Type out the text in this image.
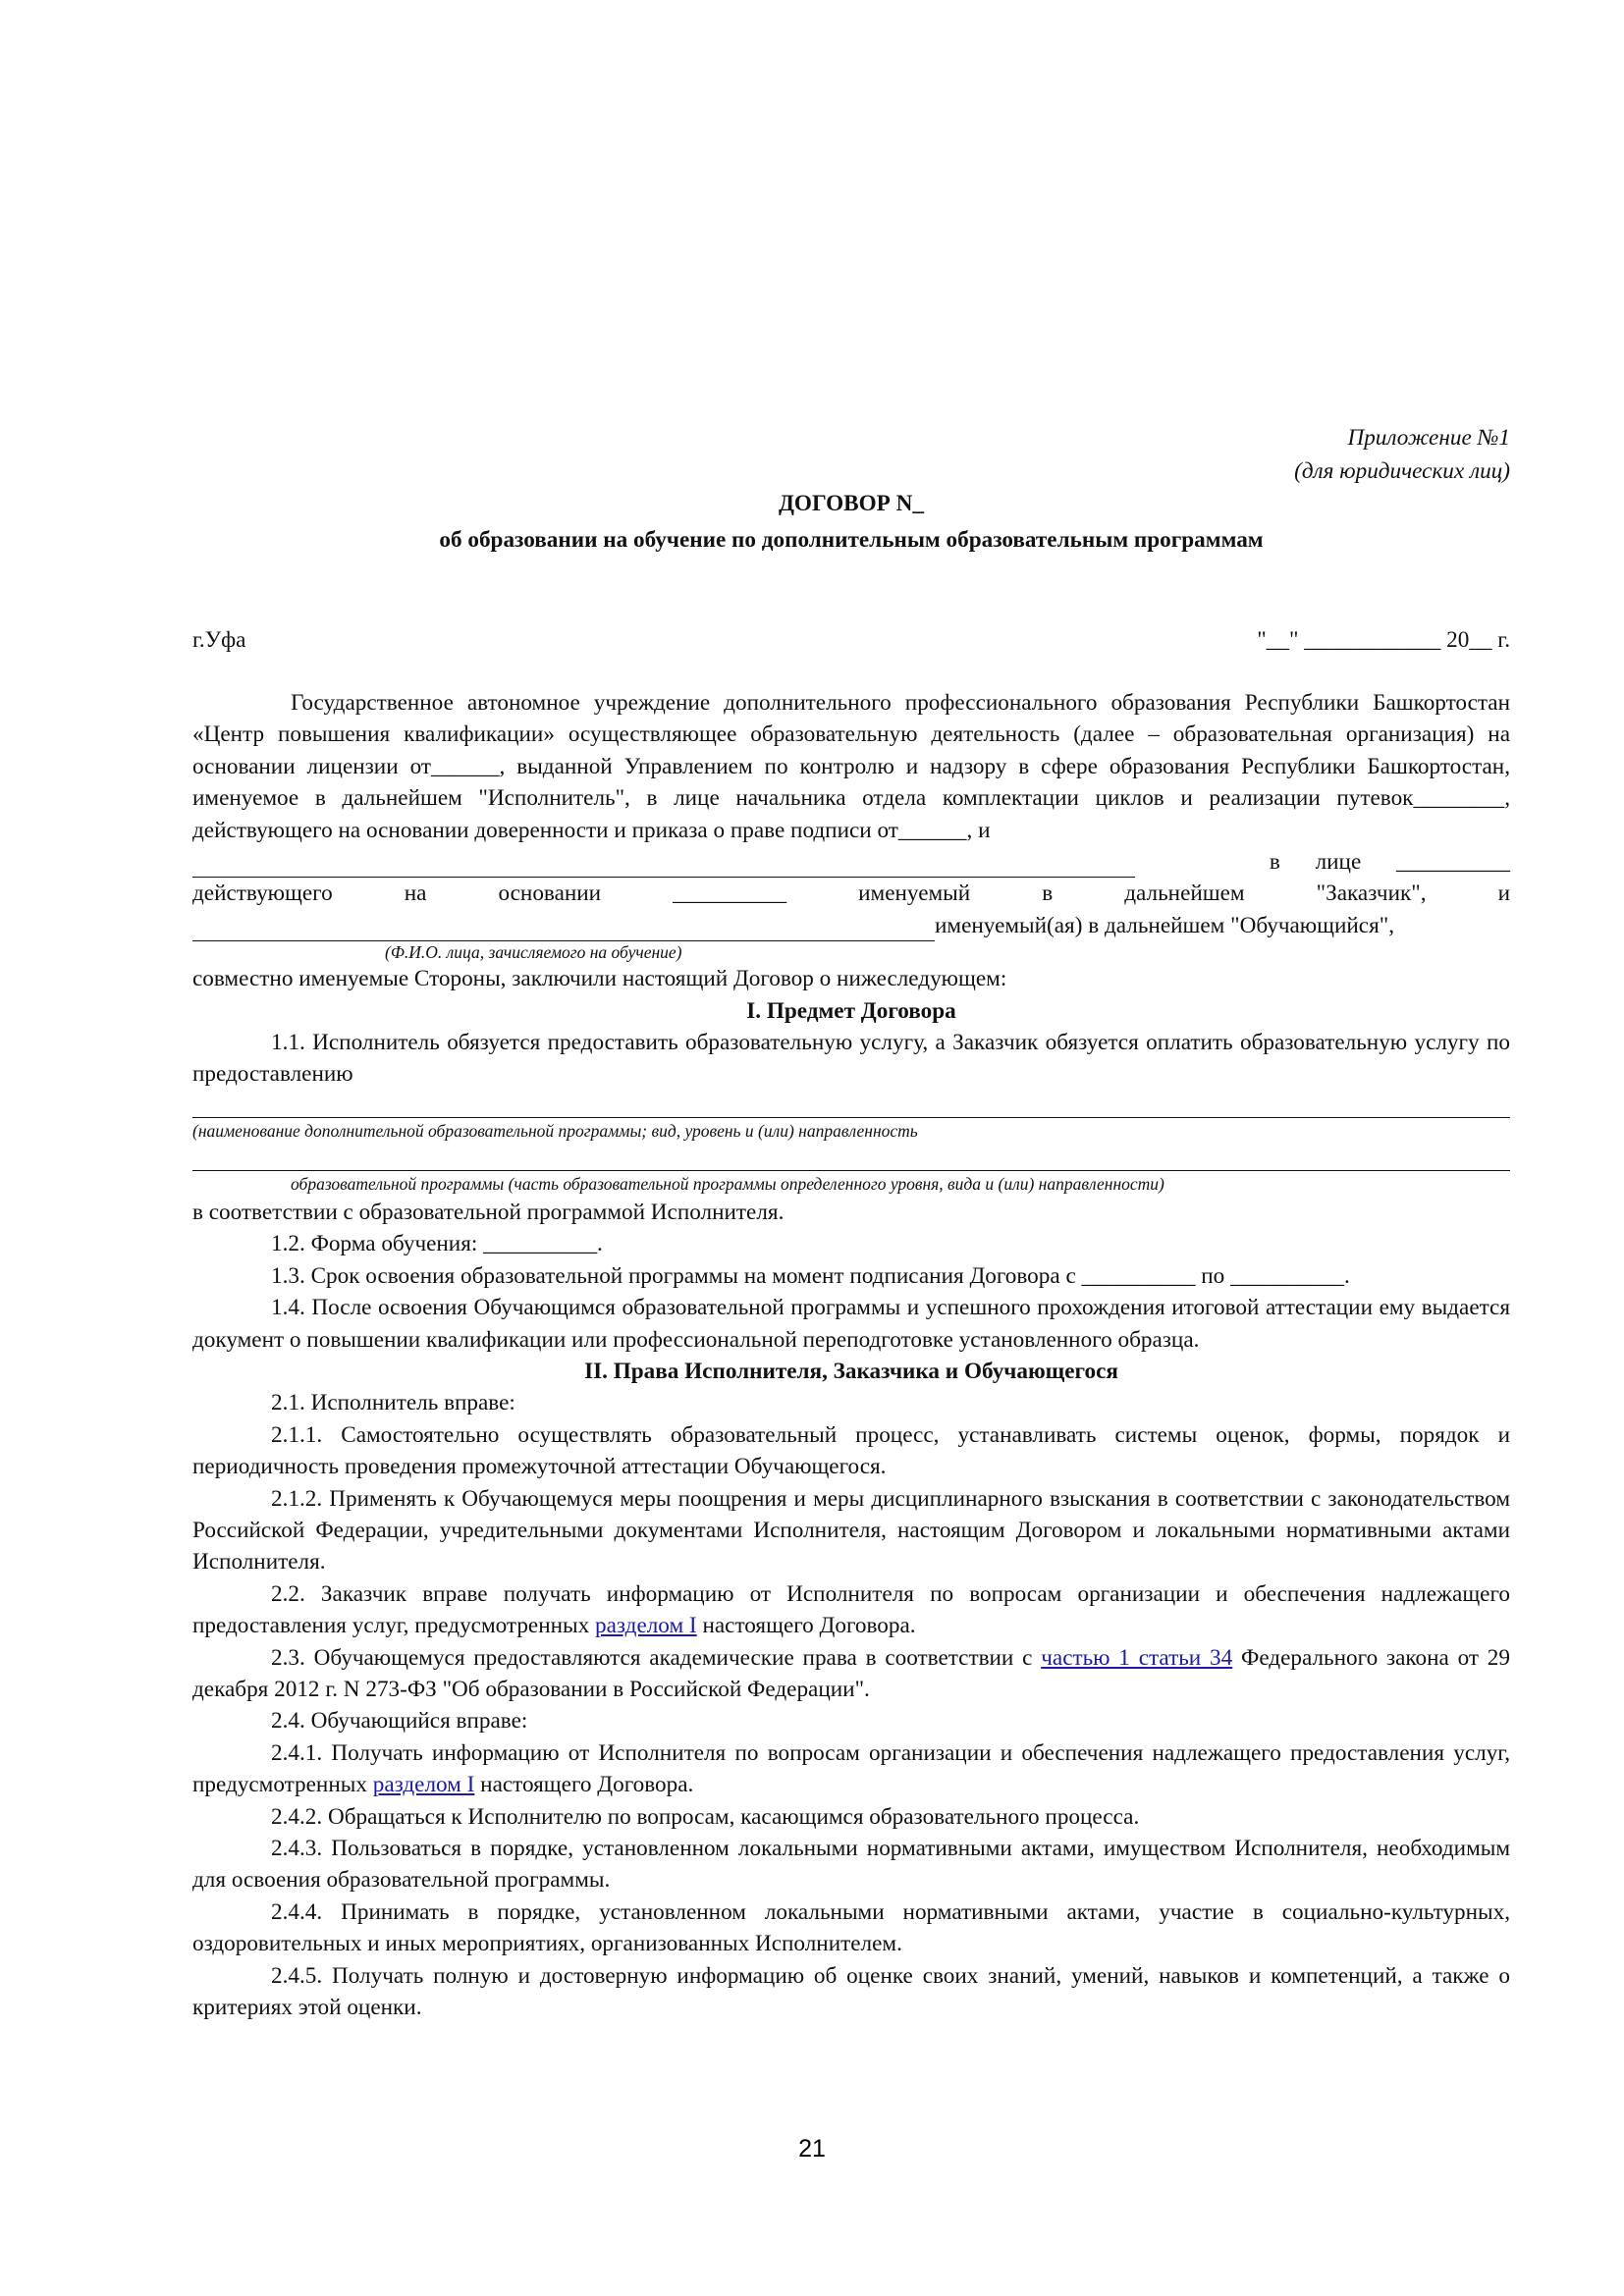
Приложение №1
(для юридических лиц)
ДОГОВОР N_
об образовании на обучение по дополнительным образовательным программам
г.Уфа	"__" ____________ 20__ г.

Государственное автономное учреждение дополнительного профессионального образования Республики Башкортостан «Центр повышения квалификации» осуществляющее образовательную деятельность (далее – образовательная организация) на основании лицензии от______, выданной Управлением по контролю и надзору в сфере образования Республики Башкортостан, именуемое в дальнейшем "Исполнитель", в лице начальника отдела комплектации циклов и реализации путевок________, действующего на основании доверенности и приказа о праве подписи от______, и

в лице __________
действующего	на	основании	__________	именуемый	в	дальнейшем	"Заказчик",	и
именуемый(ая) в дальнейшем "Обучающийся",
(Ф.И.О. лица, зачисляемого на обучение)

совместно именуемые Стороны, заключили настоящий Договор о нижеследующем:

I. Предмет Договора

1.1. Исполнитель обязуется предоставить образовательную услугу, а Заказчик обязуется оплатить образовательную услугу по предоставлению

(наименование дополнительной образовательной программы; вид, уровень и (или) направленность
образовательной программы (часть образовательной программы определенного уровня, вида и (или) направленности)

в соответствии с образовательной программой Исполнителя.

1.2. Форма обучения: __________.

1.3. Срок освоения образовательной программы на момент подписания Договора с __________ по __________.

1.4. После освоения Обучающимся образовательной программы и успешного прохождения итоговой аттестации ему выдается документ о повышении квалификации или профессиональной переподготовке установленного образца.

II. Права Исполнителя, Заказчика и Обучающегося

2.1. Исполнитель вправе:

2.1.1. Самостоятельно осуществлять образовательный процесс, устанавливать системы оценок, формы, порядок и периодичность проведения промежуточной аттестации Обучающегося.

2.1.2. Применять к Обучающемуся меры поощрения и меры дисциплинарного взыскания в соответствии с законодательством Российской Федерации, учредительными документами Исполнителя, настоящим Договором и локальными нормативными актами Исполнителя.

2.2. Заказчик вправе получать информацию от Исполнителя по вопросам организации и обеспечения надлежащего предоставления услуг, предусмотренных разделом I настоящего Договора.

2.3. Обучающемуся предоставляются академические права в соответствии с частью 1 статьи 34 Федерального закона от 29 декабря 2012 г. N 273-ФЗ "Об образовании в Российской Федерации".

2.4. Обучающийся вправе:

2.4.1. Получать информацию от Исполнителя по вопросам организации и обеспечения надлежащего предоставления услуг, предусмотренных разделом I настоящего Договора.

2.4.2. Обращаться к Исполнителю по вопросам, касающимся образовательного процесса.

2.4.3. Пользоваться в порядке, установленном локальными нормативными актами, имуществом Исполнителя, необходимым для освоения образовательной программы.

2.4.4. Принимать в порядке, установленном локальными нормативными актами, участие в социально-культурных, оздоровительных и иных мероприятиях, организованных Исполнителем.

2.4.5. Получать полную и достоверную информацию об оценке своих знаний, умений, навыков и компетенций, а также о критериях этой оценки.

21
